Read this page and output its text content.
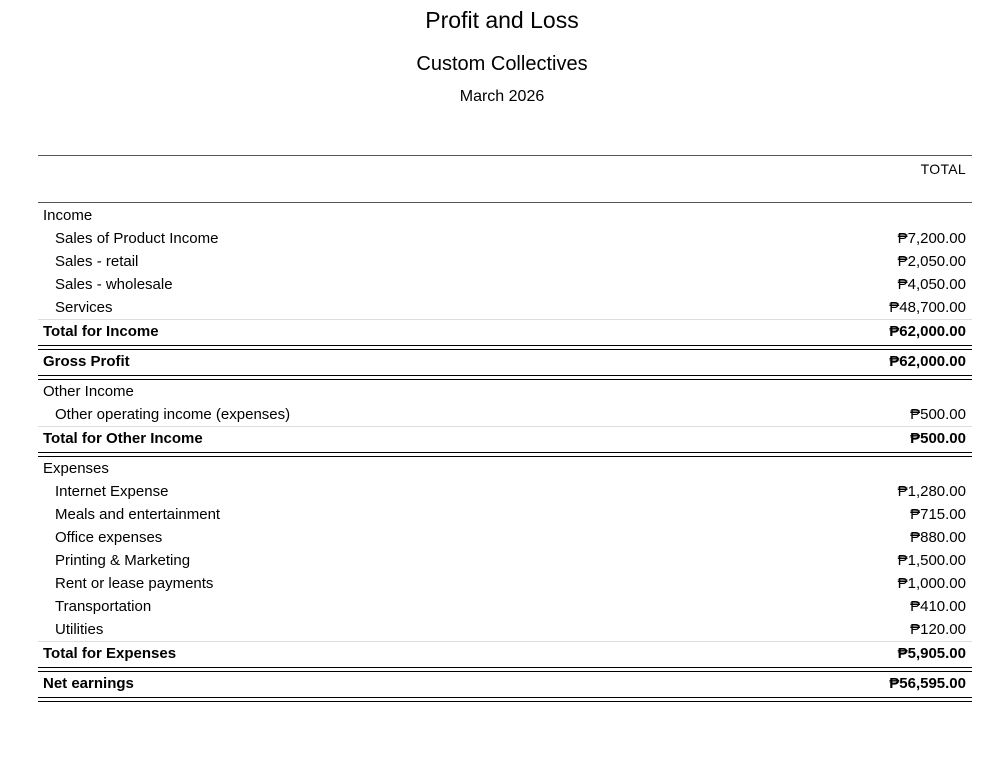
Profit and Loss
Custom Collectives
March 2026
TOTAL
Income
Sales of Product Income	₱7,200.00
Sales - retail	₱2,050.00
Sales - wholesale	₱4,050.00
Services	₱48,700.00
Total for Income	₱62,000.00
Gross Profit	₱62,000.00
Other Income
Other operating income (expenses)	₱500.00
Total for Other Income	₱500.00
Expenses
Internet Expense	₱1,280.00
Meals and entertainment	₱715.00
Office expenses	₱880.00
Printing & Marketing	₱1,500.00
Rent or lease payments	₱1,000.00
Transportation	₱410.00
Utilities	₱120.00
Total for Expenses	₱5,905.00
Net earnings	₱56,595.00
